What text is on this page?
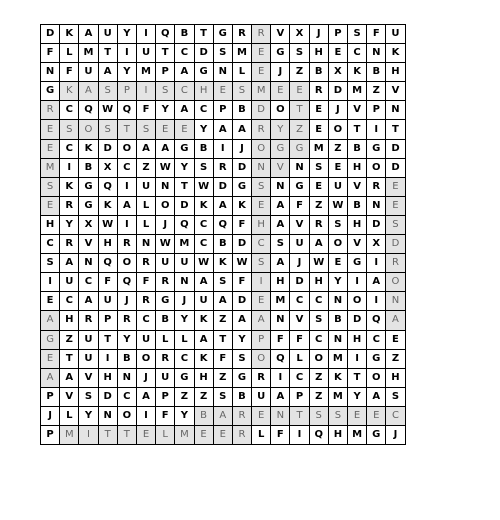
D	K	A	U	Y	I	Q	B	T	G	R	R	V	X	J	P	S	F	U
F	L	M	T	I	U	T	C	D	S	M	E	G	S	H	E	C	N	K
N	F	U	A	Y	M	P	A	G	N	L	E	J	Z	B	X	K	B	H
G	K	A	S	P	I	S	C	H	E	S	M	E	E	R	D	M	Z	V
R	C	Q	W	Q	F	Y	A	C	P	B	D	O	T	E	J	V	P	N
E	S	O	S	T	S	E	E	Y	A	A	R	Y	Z	E	O	T	I	T
E	C	K	D	O	A	A	G	B	I	J	O	G	G	M	Z	B	G	D
M	I	B	X	C	Z	W	Y	S	R	D	N	V	N	S	E	H	O	D
S	K	G	Q	I	U	N	T	W	D	G	S	N	G	E	U	V	R	E
E	R	G	K	A	L	O	D	K	A	K	E	A	F	Z	W	B	N	E
H	Y	X	W	I	L	J	Q	C	Q	F	H	A	V	R	S	H	D	S
C	R	V	H	R	N	W	M	C	B	D	C	S	U	A	O	V	X	D
S	A	N	Q	O	R	U	U	W	K	W	S	A	J	W	E	G	I	R
I	U	C	F	Q	F	R	N	A	S	F	I	H	D	H	Y	I	A	O
E	C	A	U	J	R	G	J	U	A	D	E	M	C	C	N	O	I	N
A	H	R	P	R	C	B	Y	K	Z	A	A	N	V	S	B	D	Q	A
G	Z	U	T	Y	U	L	L	A	T	Y	P	F	F	C	N	H	C	E
E	T	U	I	B	O	R	C	K	F	S	O	Q	L	O	M	I	G	Z
A	A	V	H	N	J	U	G	H	Z	G	R	I	C	Z	K	T	O	H
P	V	S	D	C	A	P	Z	Z	S	B	U	A	P	Z	M	Y	A	S
J	L	Y	N	O	I	F	Y	B	A	R	E	N	T	S	S	E	E	C
P	M	I	T	T	E	L	M	E	E	R	L	F	I	Q	H	M	G	J
